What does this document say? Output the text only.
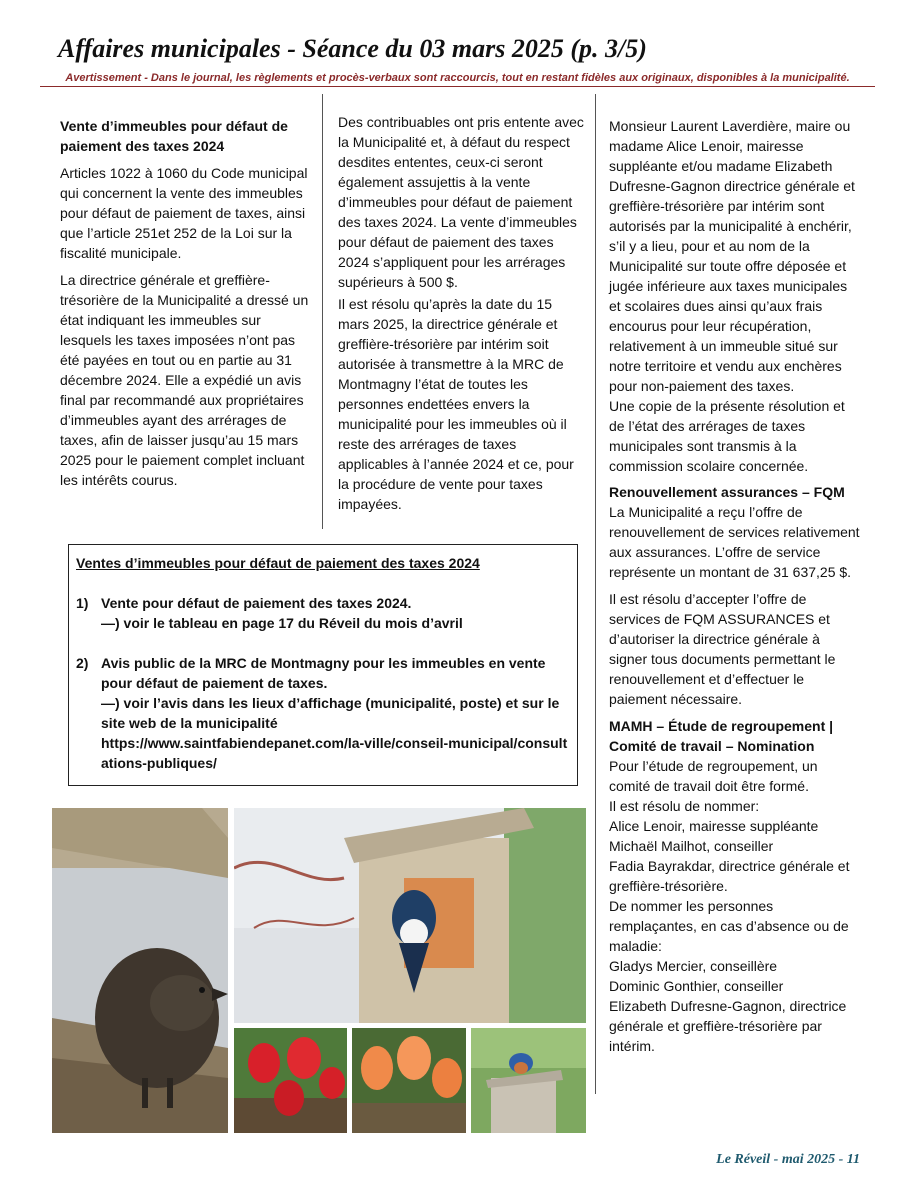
Affaires municipales - Séance du 03 mars 2025 (p. 3/5)
Avertissement - Dans le journal, les règlements et procès-verbaux sont raccourcis, tout en restant fidèles aux originaux, disponibles à la municipalité.

Vente d’immeubles pour défaut de paiement des taxes 2024

Articles 1022 à 1060 du Code municipal qui concernent la vente des immeubles pour défaut de paiement de taxes, ainsi que l’article 251et 252 de la Loi sur la fiscalité municipale.

La directrice générale et greffière-trésorière de la Municipalité a dressé un état indiquant les immeubles sur lesquels les taxes imposées n’ont pas été payées en tout ou en partie au 31 décembre 2024. Elle a expédié un avis final par recommandé aux propriétaires d’immeubles ayant des arrérages de taxes, afin de laisser jusqu’au 15 mars 2025 pour le paiement complet incluant les intérêts courus.

Des contribuables ont pris entente avec la Municipalité et, à défaut du respect desdites ententes, ceux-ci seront également assujettis à la vente d’immeubles pour défaut de paiement des taxes 2024. La vente d’immeubles pour défaut de paiement des taxes 2024 s’appliquent pour les arrérages supérieurs à 500 $.

Il est résolu qu’après la date du 15 mars 2025, la directrice générale et greffière-trésorière par intérim soit autorisée à transmettre à la MRC de Montmagny l’état de toutes les personnes endettées envers la municipalité pour les immeubles où il reste des arrérages de taxes applicables à l’année 2024 et ce, pour la procédure de vente pour taxes impayées.

Monsieur Laurent Laverdière, maire ou madame Alice Lenoir, mairesse suppléante et/ou madame Elizabeth Dufresne-Gagnon directrice générale et greffière-trésorière par intérim sont autorisés par la municipalité à enchérir, s’il y a lieu, pour et au nom de la Municipalité sur toute offre déposée et jugée inférieure aux taxes municipales et scolaires dues ainsi qu’aux frais encourus pour leur récupération, relativement à un immeuble situé sur notre territoire et vendu aux enchères pour non-paiement des taxes.

Une copie de la présente résolution et de l’état des arrérages de taxes municipales sont transmis à la commission scolaire concernée.

Renouvellement assurances – FQM

La Municipalité a reçu l’offre de renouvellement de services relativement aux assurances. L’offre de service représente un montant de 31 637,25 $.

Il est résolu d’accepter l’offre de services de FQM ASSURANCES et d’autoriser la directrice générale à signer tous documents permettant le renouvellement et d’effectuer le paiement nécessaire.

MAMH – Étude de regroupement | Comité de travail – Nomination

Pour l’étude de regroupement, un comité de travail doit être formé.

Il est résolu de nommer:

Alice Lenoir, mairesse suppléante

Michaël Mailhot, conseiller

Fadia Bayrakdar, directrice générale et greffière-trésorière.

De nommer les personnes remplaçantes, en cas d’absence ou de maladie:

Gladys Mercier, conseillère

Dominic Gonthier, conseiller

Elizabeth Dufresne-Gagnon, directrice générale et greffière-trésorière par intérim.

Ventes d’immeubles pour défaut de paiement des taxes 2024
1) Vente pour défaut de paiement des taxes 2024.
—) voir le tableau en page 17 du Réveil du mois d’avril
2) Avis public de la MRC de Montmagny pour les immeubles en vente pour défaut de paiement de taxes.
—) voir l’avis dans les lieux d’affichage (municipalité, poste) et sur le site web de la municipalité
https://www.saintfabiendepanet.com/la-ville/conseil-municipal/consultations-publiques/
Le Réveil - mai 2025 - 11
